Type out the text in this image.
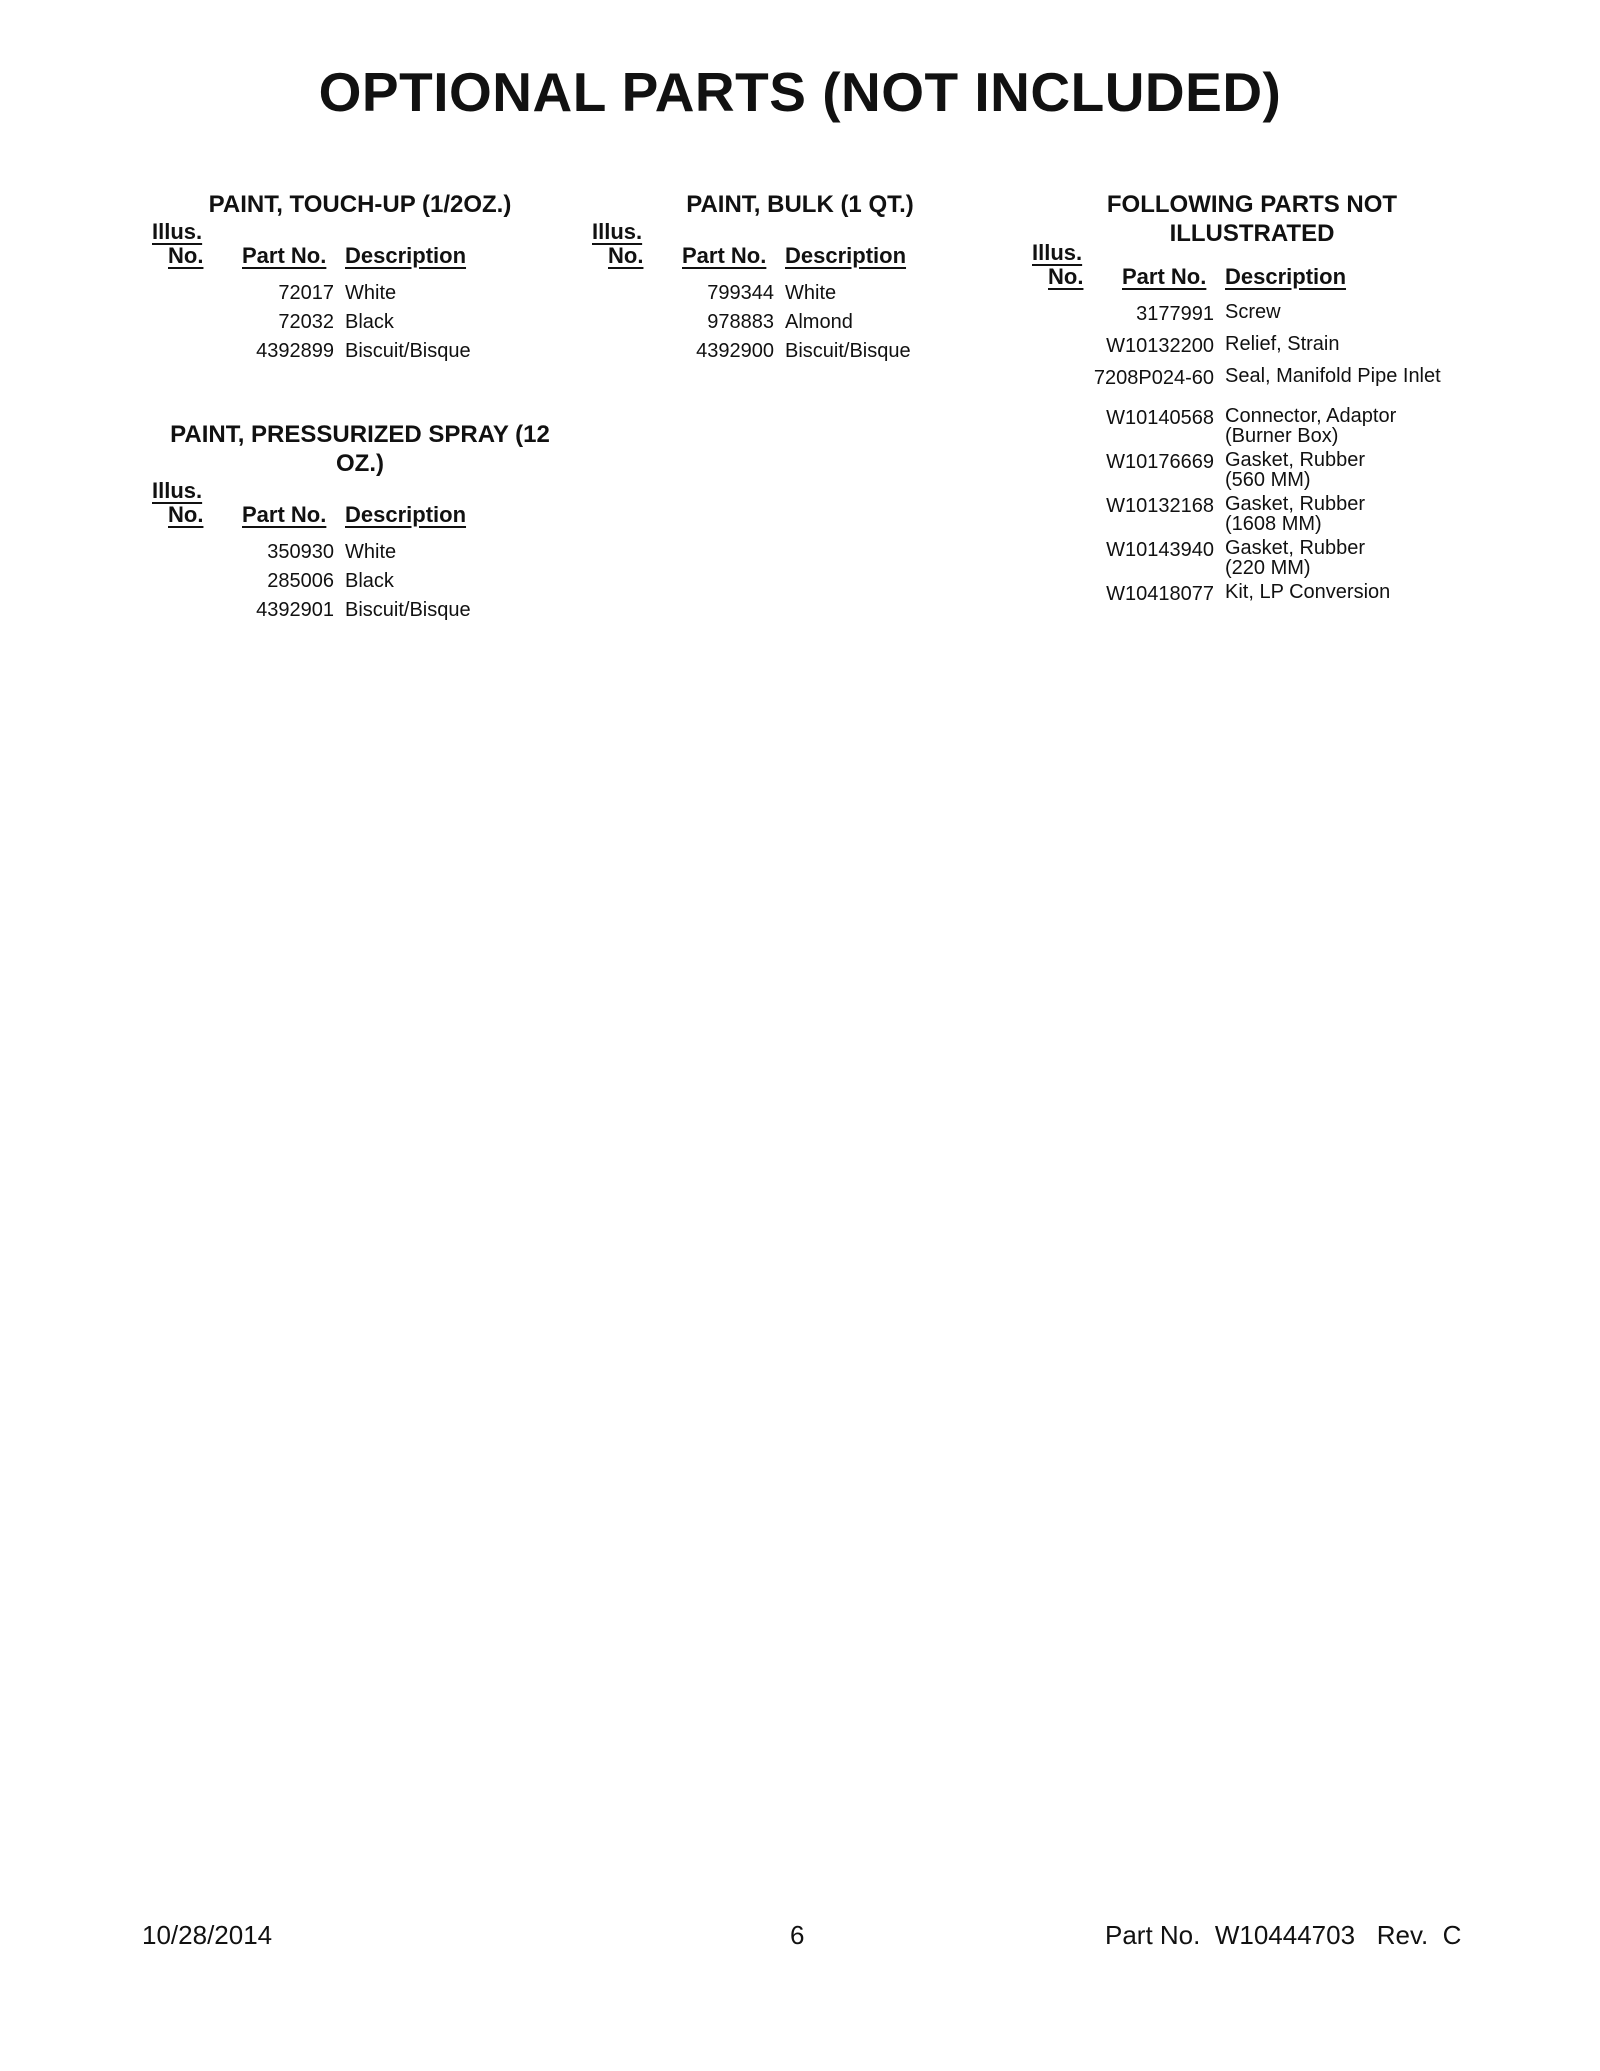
OPTIONAL PARTS (NOT INCLUDED)
PAINT, TOUCH-UP (1/2OZ.)
Illus.
No. Part No. Description
72017 White
72032 Black
4392899 Biscuit/Bisque
PAINT, PRESSURIZED SPRAY (12 OZ.)
Illus.
No. Part No. Description
350930 White
285006 Black
4392901 Biscuit/Bisque
PAINT, BULK (1 QT.)
Illus.
No. Part No. Description
799344 White
978883 Almond
4392900 Biscuit/Bisque
FOLLOWING PARTS NOT ILLUSTRATED
Illus.
No. Part No. Description
3177991 Screw
W10132200 Relief, Strain
7208P024-60 Seal, Manifold Pipe Inlet
W10140568 Connector, Adaptor (Burner Box)
W10176669 Gasket, Rubber (560 MM)
W10132168 Gasket, Rubber (1608 MM)
W10143940 Gasket, Rubber (220 MM)
W10418077 Kit, LP Conversion
10/28/2014	6	Part No.  W10444703   Rev.  C
